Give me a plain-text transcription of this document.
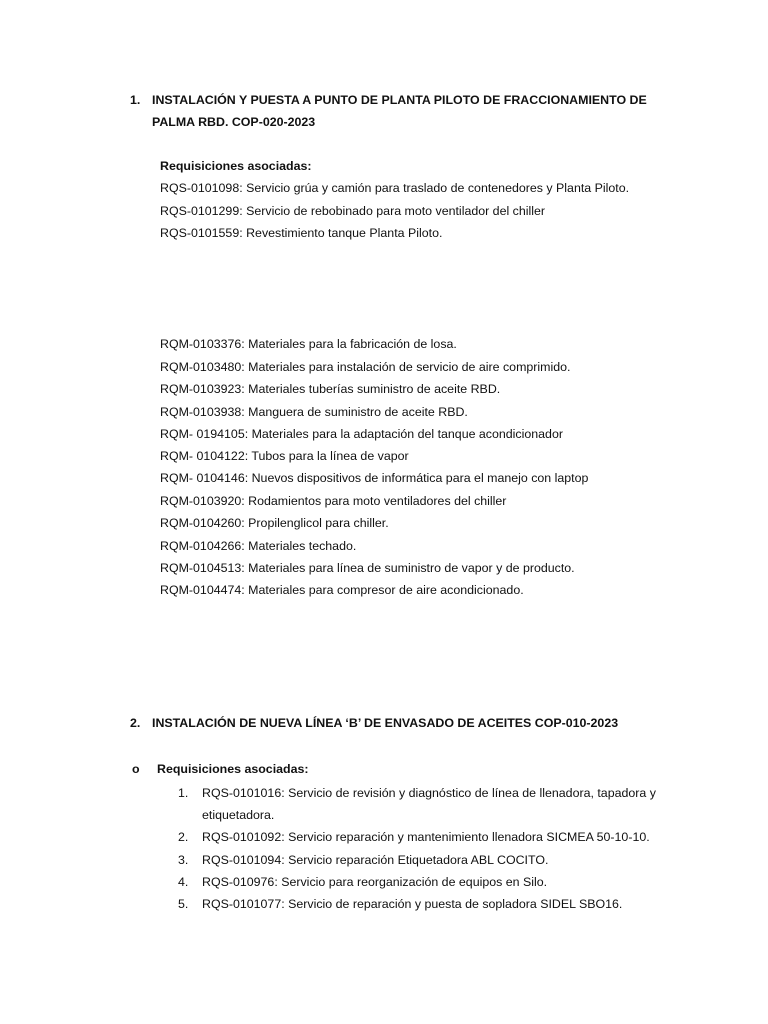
1. INSTALACIÓN Y PUESTA A PUNTO DE PLANTA PILOTO DE FRACCIONAMIENTO DE
PALMA RBD. COP-020-2023
Requisiciones asociadas:
RQS-0101098: Servicio grúa y camión para traslado de contenedores y Planta Piloto.
RQS-0101299: Servicio de rebobinado para moto ventilador del chiller
RQS-0101559: Revestimiento tanque Planta Piloto.
RQM-0103376: Materiales para la fabricación de losa.
RQM-0103480: Materiales para instalación de servicio de aire comprimido.
RQM-0103923: Materiales tuberías suministro de aceite RBD.
RQM-0103938: Manguera de suministro de aceite RBD.
RQM- 0194105: Materiales para la adaptación del tanque acondicionador
RQM- 0104122: Tubos para la línea de vapor
RQM- 0104146: Nuevos dispositivos de informática para el manejo con laptop
RQM-0103920: Rodamientos para moto ventiladores del chiller
RQM-0104260: Propilenglicol para chiller.
RQM-0104266: Materiales techado.
RQM-0104513: Materiales para línea de suministro de vapor y de producto.
RQM-0104474: Materiales para compresor de aire acondicionado.
2. INSTALACIÓN DE NUEVA LÍNEA ‘B’ DE ENVASADO DE ACEITES COP-010-2023
o Requisiciones asociadas:
1. RQS-0101016: Servicio de revisión y diagnóstico de línea de llenadora, tapadora y
etiquetadora.
2. RQS-0101092: Servicio reparación y mantenimiento llenadora SICMEA 50-10-10.
3. RQS-0101094: Servicio reparación Etiquetadora ABL COCITO.
4. RQS-010976: Servicio para reorganización de equipos en Silo.
5. RQS-0101077: Servicio de reparación y puesta de sopladora SIDEL SBO16.
